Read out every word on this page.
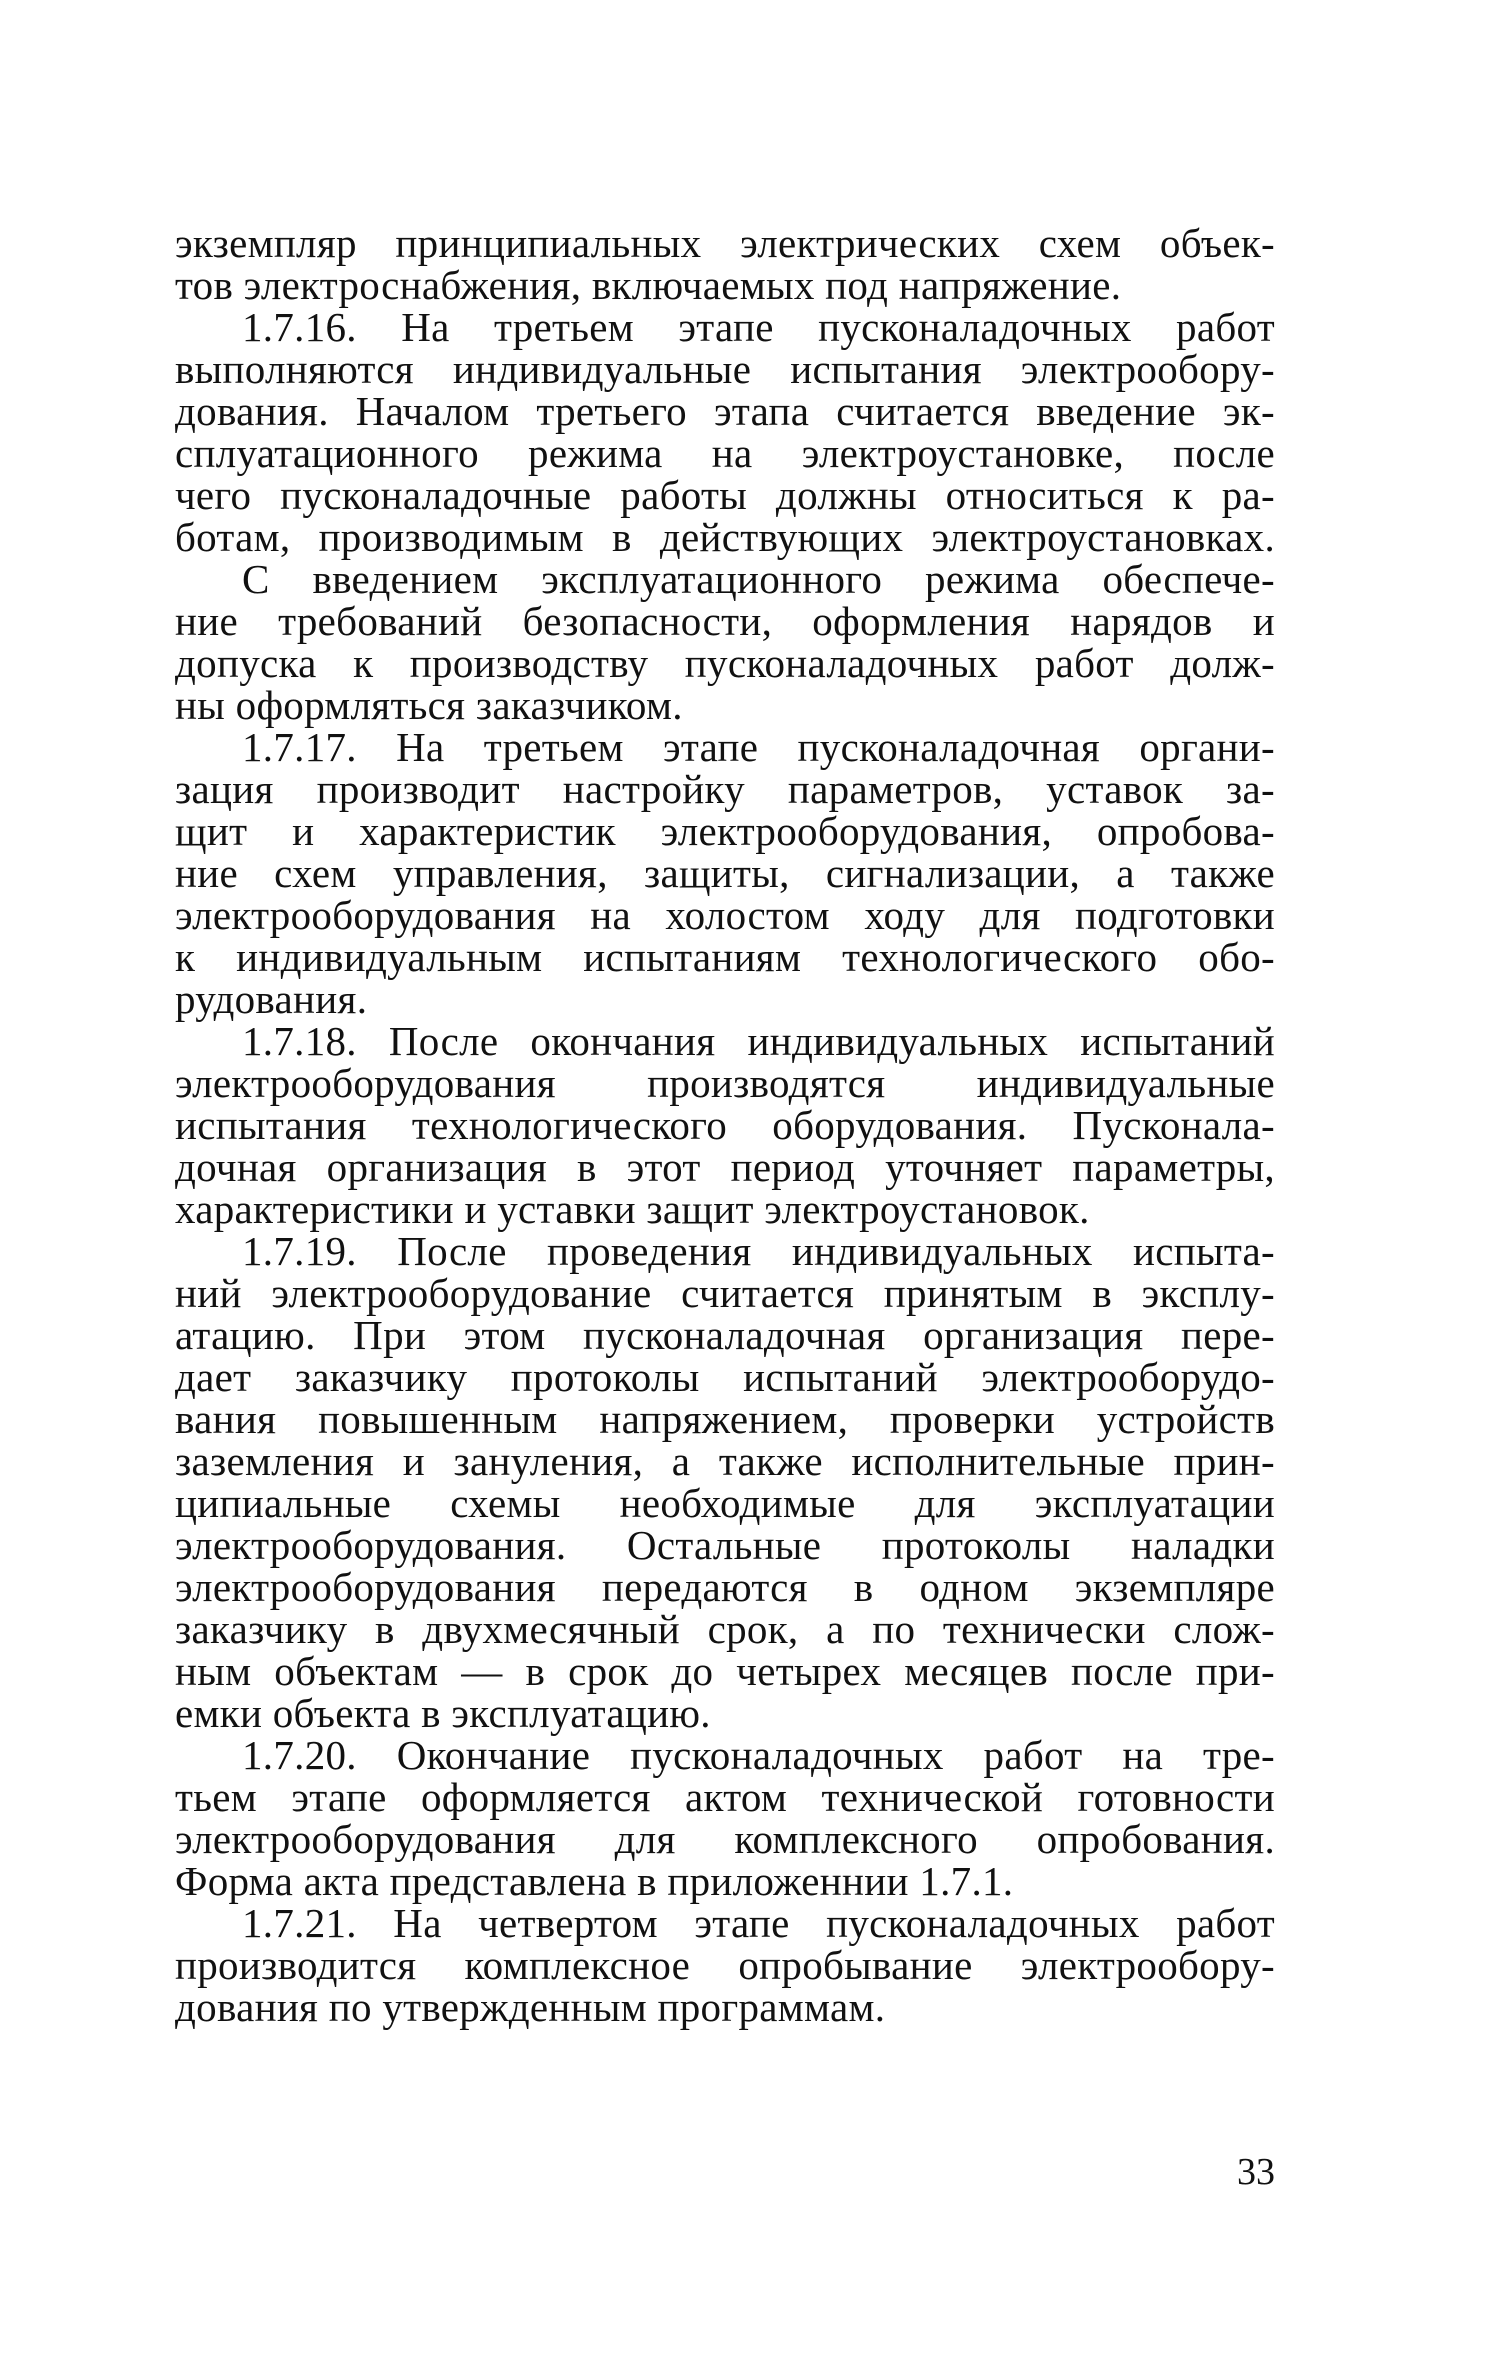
экземпляр принципиальных электрических схем объек-
тов электроснабжения, включаемых под напряжение.
1.7.16. На третьем этапе пусконаладочных работ
выполняются индивидуальные испытания электрообору-
дования. Началом третьего этапа считается введение эк-
сплуатационного режима на электроустановке, после
чего пусконаладочные работы должны относиться к ра-
ботам, производимым в действующих электроустановках.
С введением эксплуатационного режима обеспече-
ние требований безопасности, оформления нарядов и
допуска к производству пусконаладочных работ долж-
ны оформляться заказчиком.
1.7.17. На третьем этапе пусконаладочная органи-
зация производит настройку параметров, уставок за-
щит и характеристик электрооборудования, опробова-
ние схем управления, защиты, сигнализации, а также
электрооборудования на холостом ходу для подготовки
к индивидуальным испытаниям технологического обо-
рудования.
1.7.18. После окончания индивидуальных испытаний
электрооборудования производятся индивидуальные
испытания технологического оборудования. Пусконала-
дочная организация в этот период уточняет параметры,
характеристики и уставки защит электроустановок.
1.7.19. После проведения индивидуальных испыта-
ний электрооборудование считается принятым в эксплу-
атацию. При этом пусконаладочная организация пере-
дает заказчику протоколы испытаний электрооборудо-
вания повышенным напряжением, проверки устройств
заземления и зануления, а также исполнительные прин-
ципиальные схемы необходимые для эксплуатации
электрооборудования. Остальные протоколы наладки
электрооборудования передаются в одном экземпляре
заказчику в двухмесячный срок, а по технически слож-
ным объектам — в срок до четырех месяцев после при-
емки объекта в эксплуатацию.
1.7.20. Окончание пусконаладочных работ на тре-
тьем этапе оформляется актом технической готовности
электрооборудования для комплексного опробования.
Форма акта представлена в приложеннии 1.7.1.
1.7.21. На четвертом этапе пусконаладочных работ
производится комплексное опробывание электрообору-
дования по утвержденным программам.
33
